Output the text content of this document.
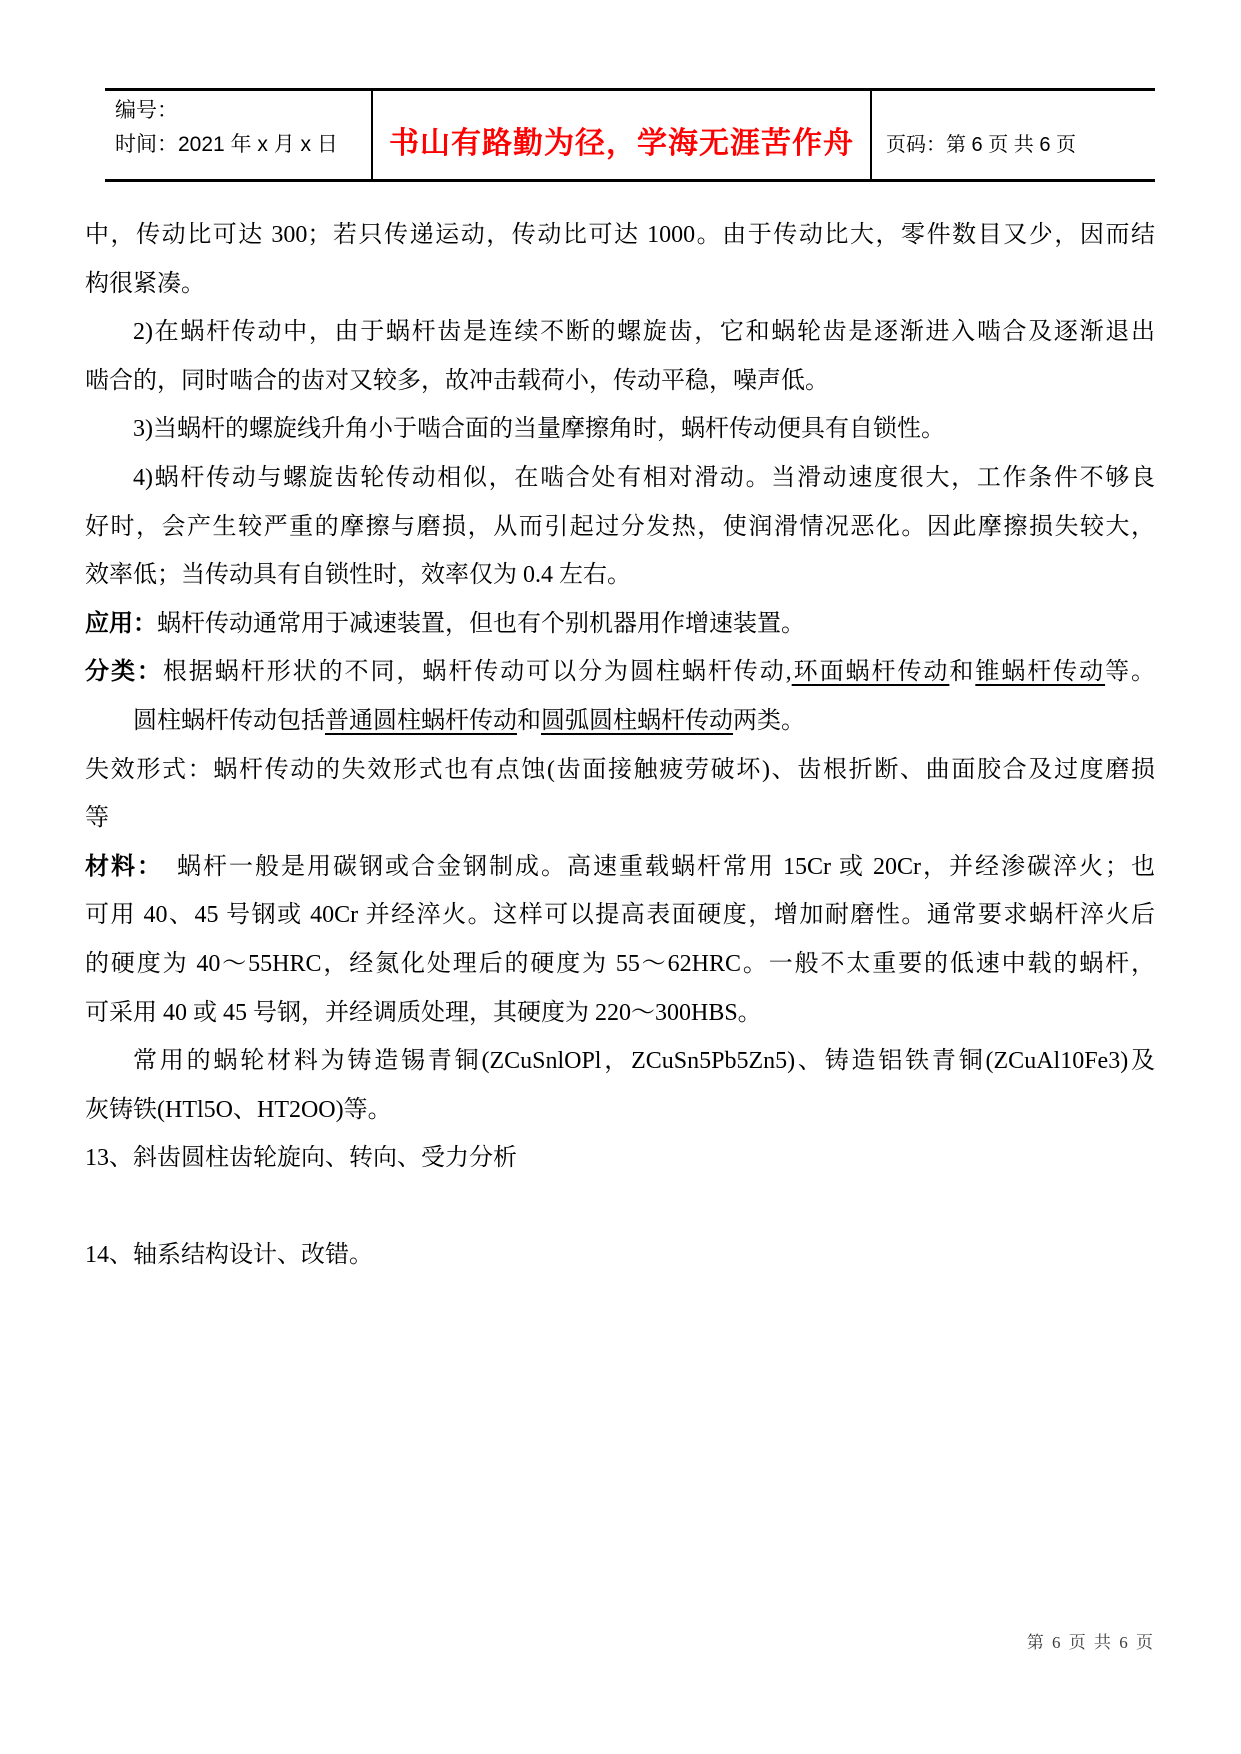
编号：
时间：2021 年 x 月 x 日	书山有路勤为径，学海无涯苦作舟 页码：第 6 页 共 6 页
中，传动比可达 300；若只传递运动，传动比可达 1000。由于传动比大，零件数目又少，因而结
构很紧凑。
2)在蜗杆传动中，由于蜗杆齿是连续不断的螺旋齿，它和蜗轮齿是逐渐进入啮合及逐渐退出
啮合的，同时啮合的齿对又较多，故冲击载荷小，传动平稳，噪声低。
3)当蜗杆的螺旋线升角小于啮合面的当量摩擦角时，蜗杆传动便具有自锁性。
4)蜗杆传动与螺旋齿轮传动相似，在啮合处有相对滑动。当滑动速度很大，工作条件不够良
好时，会产生较严重的摩擦与磨损，从而引起过分发热，使润滑情况恶化。因此摩擦损失较大，
效率低；当传动具有自锁性时，效率仅为 0.4 左右。
应用：蜗杆传动通常用于减速装置，但也有个别机器用作增速装置。
分类：根据蜗杆形状的不同，蜗杆传动可以分为圆柱蜗杆传动,环面蜗杆传动和锥蜗杆传动等。
圆柱蜗杆传动包括普通圆柱蜗杆传动和圆弧圆柱蜗杆传动两类。
失效形式：蜗杆传动的失效形式也有点蚀(齿面接触疲劳破坏)、齿根折断、曲面胶合及过度磨损
等
材料：　蜗杆一般是用碳钢或合金钢制成。高速重载蜗杆常用 15Cr 或 20Cr，并经渗碳淬火；也
可用 40、45 号钢或 40Cr 并经淬火。这样可以提高表面硬度，增加耐磨性。通常要求蜗杆淬火后
的硬度为 40～55HRC，经氮化处理后的硬度为 55～62HRC。一般不太重要的低速中载的蜗杆，
可采用 40 或 45 号钢，并经调质处理，其硬度为 220～300HBS。
常用的蜗轮材料为铸造锡青铜(ZCuSnlOPl，ZCuSn5Pb5Zn5)、铸造铝铁青铜(ZCuAl10Fe3)及
灰铸铁(HTl5O、HT2OO)等。
13、斜齿圆柱齿轮旋向、转向、受力分析
14、轴系结构设计、改错。
第 6 页 共 6 页
